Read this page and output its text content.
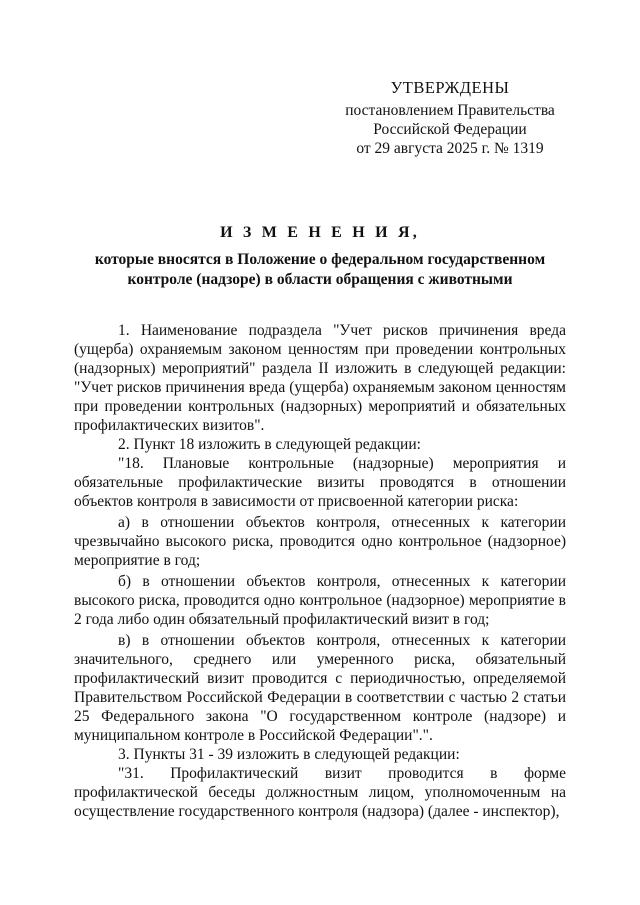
УТВЕРЖДЕНЫ
постановлением Правительства
Российской Федерации
от 29 августа 2025 г. № 1319
И З М Е Н Е Н И Я,
которые вносятся в Положение о федеральном государственном
контроле (надзоре) в области обращения с животными

1. Наименование подраздела "Учет рисков причинения вреда (ущерба) охраняемым законом ценностям при проведении контрольных (надзорных) мероприятий" раздела II изложить в следующей редакции: "Учет рисков причинения вреда (ущерба) охраняемым законом ценностям при проведении контрольных (надзорных) мероприятий и обязательных профилактических визитов".

2. Пункт 18 изложить в следующей редакции:

"18. Плановые контрольные (надзорные) мероприятия и обязательные профилактические визиты проводятся в отношении объектов контроля в зависимости от присвоенной категории риска:

а) в отношении объектов контроля, отнесенных к категории чрезвычайно высокого риска, проводится одно контрольное (надзорное) мероприятие в год;

б) в отношении объектов контроля, отнесенных к категории высокого риска, проводится одно контрольное (надзорное) мероприятие в 2 года либо один обязательный профилактический визит в год;

в) в отношении объектов контроля, отнесенных к категории значительного, среднего или умеренного риска, обязательный профилактический визит проводится с периодичностью, определяемой Правительством Российской Федерации в соответствии с частью 2 статьи 25 Федерального закона "О государственном контроле (надзоре) и муниципальном контроле в Российской Федерации".".

3. Пункты 31 - 39 изложить в следующей редакции:

"31. Профилактический визит проводится в форме профилактической беседы должностным лицом, уполномоченным на осуществление государственного контроля (надзора) (далее - инспектор),
